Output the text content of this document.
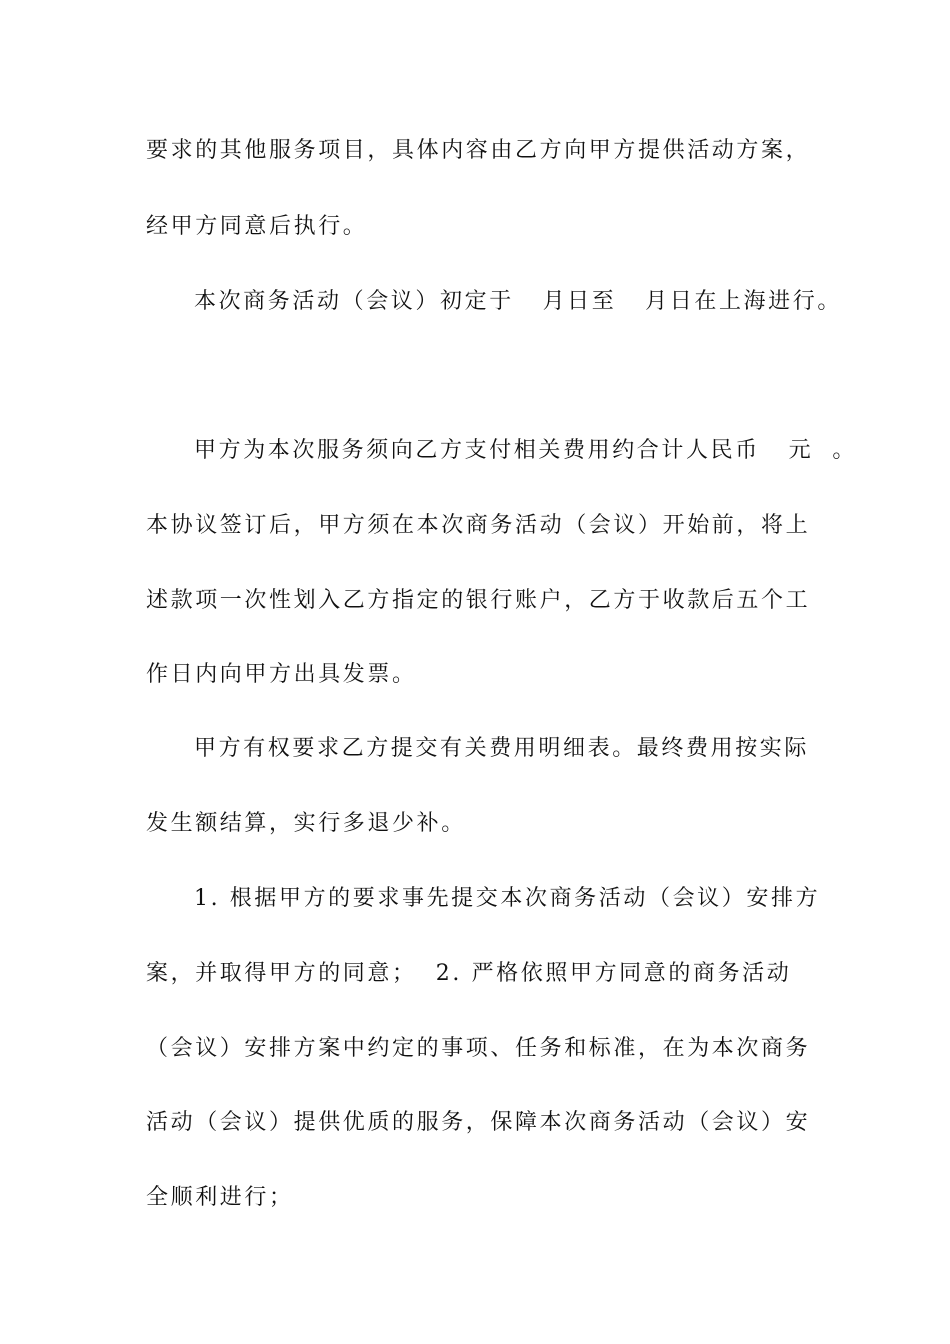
要求的其他服务项目，具体内容由乙方向甲方提供活动方案，
经甲方同意后执行。
本次商务活动（会议）初定于   月日至   月日在上海进行。
甲方为本次服务须向乙方支付相关费用约合计人民币   元  。
本协议签订后，甲方须在本次商务活动（会议）开始前，将上
述款项一次性划入乙方指定的银行账户，乙方于收款后五个工
作日内向甲方出具发票。
甲方有权要求乙方提交有关费用明细表。最终费用按实际
发生额结算，实行多退少补。
1. 根据甲方的要求事先提交本次商务活动（会议）安排方
案，并取得甲方的同意；  2. 严格依照甲方同意的商务活动
（会议）安排方案中约定的事项、任务和标准，在为本次商务
活动（会议）提供优质的服务，保障本次商务活动（会议）安
全顺利进行；
